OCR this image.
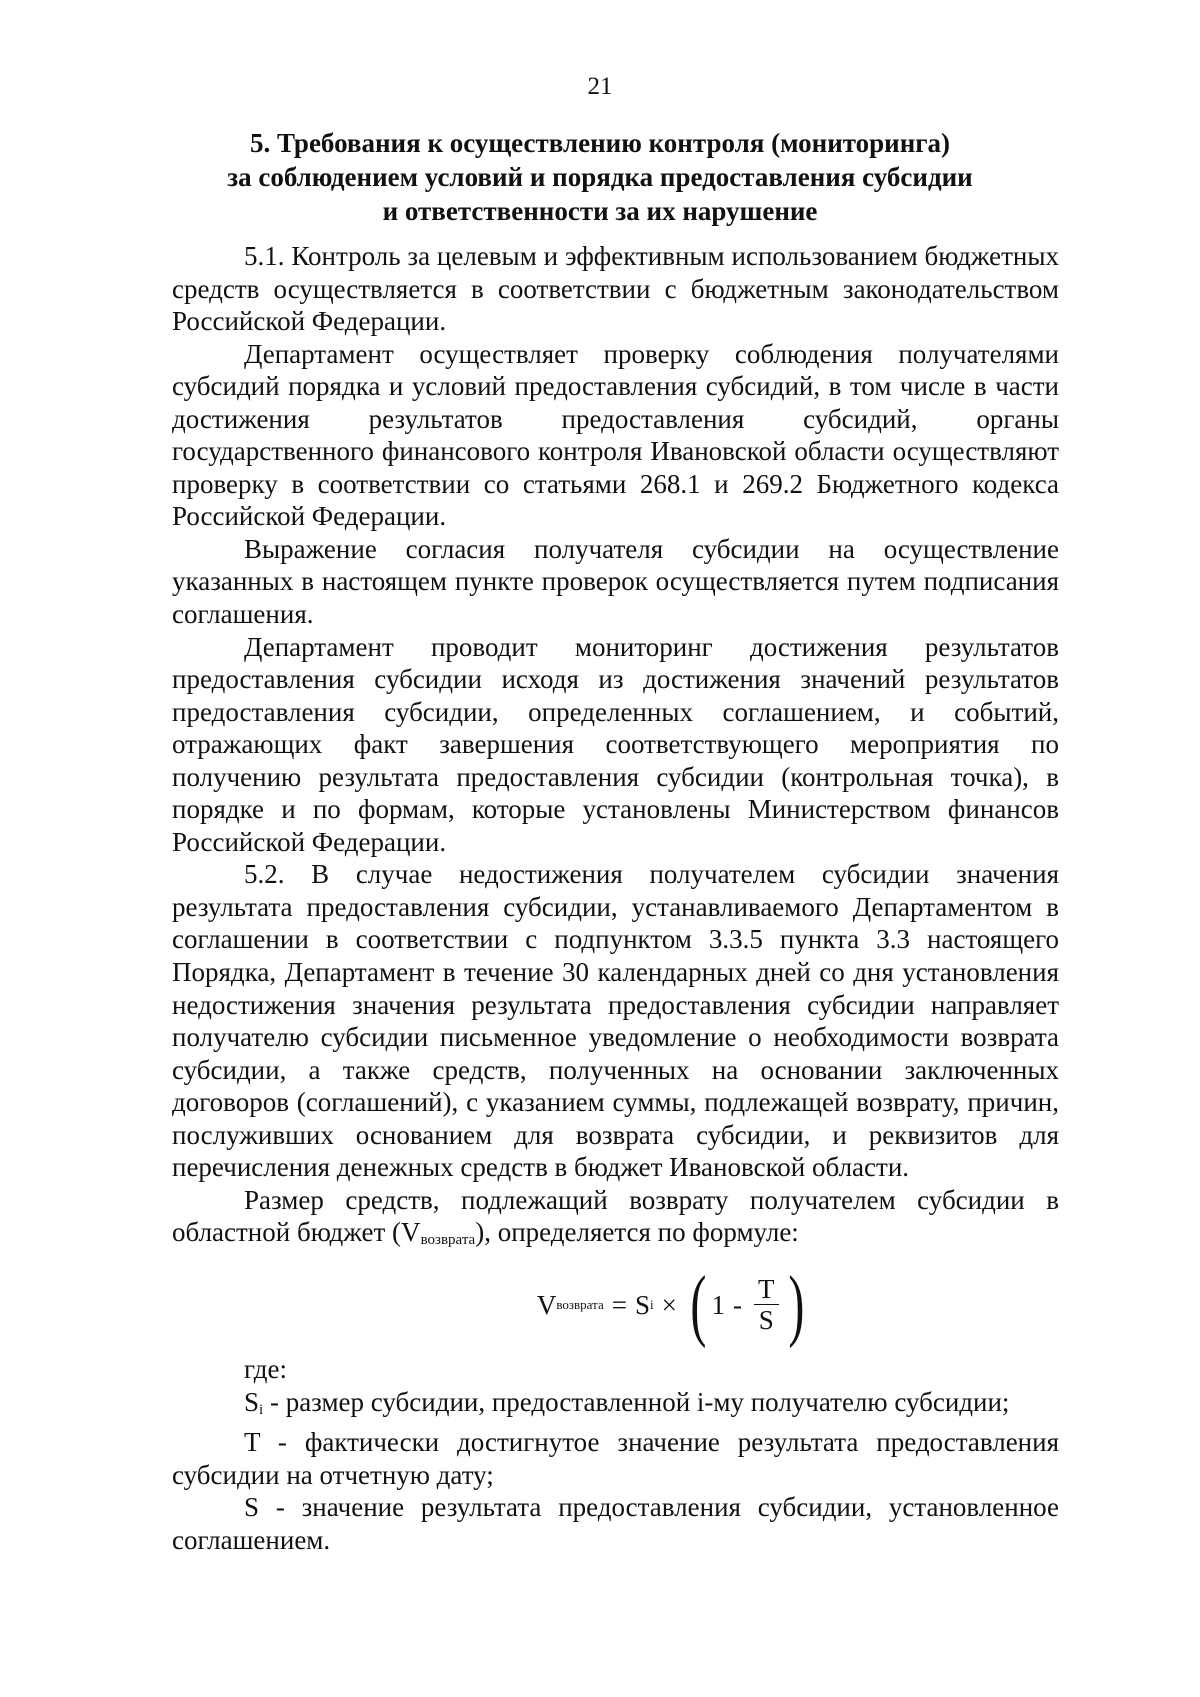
21
5. Требования к осуществлению контроля (мониторинга)
за соблюдением условий и порядка предоставления субсидии
и ответственности за их нарушение

5.1. Контроль за целевым и эффективным использованием бюджетных средств осуществляется в соответствии с бюджетным законодательством Российской Федерации.

Департамент осуществляет проверку соблюдения получателями субсидий порядка и условий предоставления субсидий, в том числе в части достижения результатов предоставления субсидий, органы государственного финансового контроля Ивановской области осуществляют проверку в соответствии со статьями 268.1 и 269.2 Бюджетного кодекса Российской Федерации.

Выражение согласия получателя субсидии на осуществление указанных в настоящем пункте проверок осуществляется путем подписания соглашения.

Департамент проводит мониторинг достижения результатов предоставления субсидии исходя из достижения значений результатов предоставления субсидии, определенных соглашением, и событий, отражающих факт завершения соответствующего мероприятия по получению результата предоставления субсидии (контрольная точка), в порядке и по формам, которые установлены Министерством финансов Российской Федерации.

5.2. В случае недостижения получателем субсидии значения результата предоставления субсидии, устанавливаемого Департаментом в соглашении в соответствии с подпунктом 3.3.5 пункта 3.3 настоящего Порядка, Департамент в течение 30 календарных дней со дня установления недостижения значения результата предоставления субсидии направляет получателю субсидии письменное уведомление о необходимости возврата субсидии, а также средств, полученных на основании заключенных договоров (соглашений), с указанием суммы, подлежащей возврату, причин, послуживших основанием для возврата субсидии, и реквизитов для перечисления денежных средств в бюджет Ивановской области.

Размер средств, подлежащий возврату получателем субсидии в областной бюджет $(V_{возврата})$, определяется по формуле:

V возврата = S i × ( $1 - \frac{T}{S}$ )

где:

$S_i$ - размер субсидии, предоставленной i-му получателю субсидии;

T - фактически достигнутое значение результата предоставления субсидии на отчетную дату;

S - значение результата предоставления субсидии, установленное соглашением.
